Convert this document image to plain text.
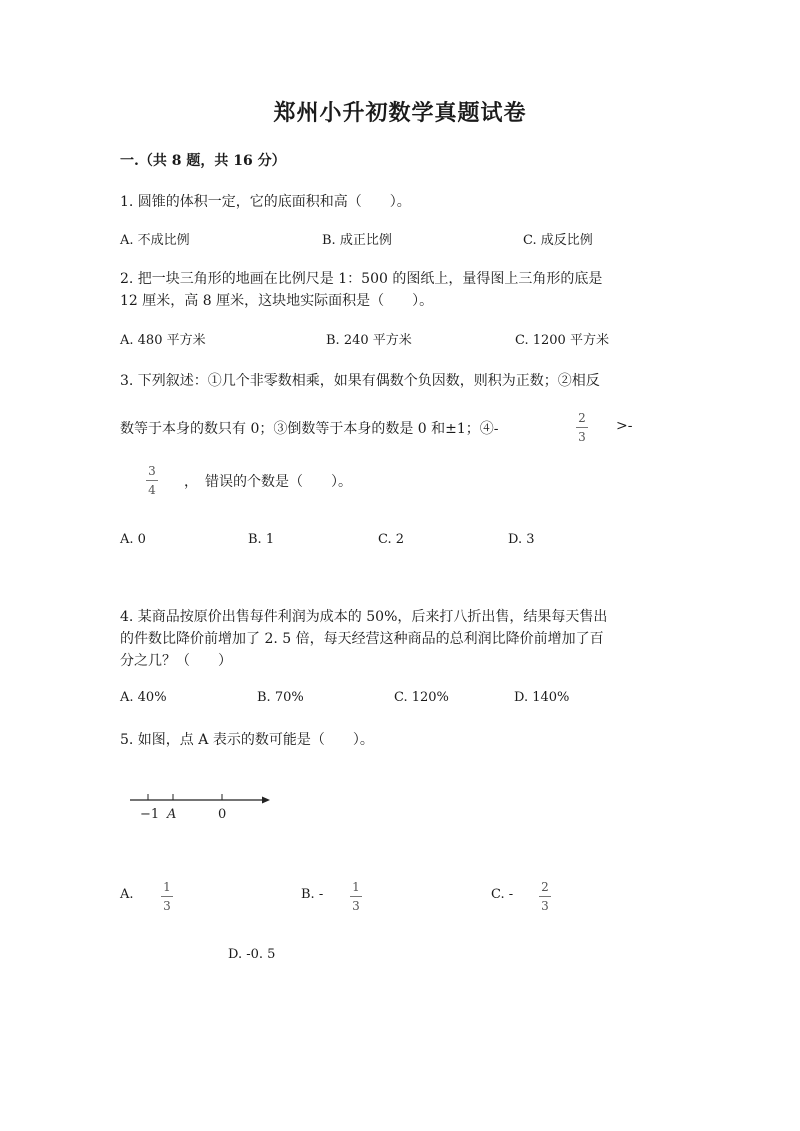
郑州小升初数学真题试卷
一.（共 8 题，共 16 分）
1. 圆锥的体积一定，它的底面积和高（　　）。
A. 不成比例	B. 成正比例	C. 成反比例
2. 把一块三角形的地画在比例尺是 1：500 的图纸上，量得图上三角形的底是
12 厘米，高 8 厘米，这块地实际面积是（　　）。
A. 480 平方米	B. 240 平方米	C. 1200 平方米
3. 下列叙述：①几个非零数相乘，如果有偶数个负因数，则积为正数；②相反
数等于本身的数只有 0；③倒数等于本身的数是 0 和±1；④-
2
3
>-
3
4 ，　错误的个数是（　　）。
A. 0	B. 1	C. 2	D. 3
4. 某商品按原价出售每件利润为成本的 50%，后来打八折出售，结果每天售出
的件数比降价前增加了 2. 5 倍，每天经营这种商品的总利润比降价前增加了百
分之几？（　　）
A. 40%	B. 70%	C. 120%	D. 140%
5. 如图，点 A 表示的数可能是（　　）。
−1 A	0
A. 1
3
B. - 1
3
C. - 2
3
D. -0. 5
